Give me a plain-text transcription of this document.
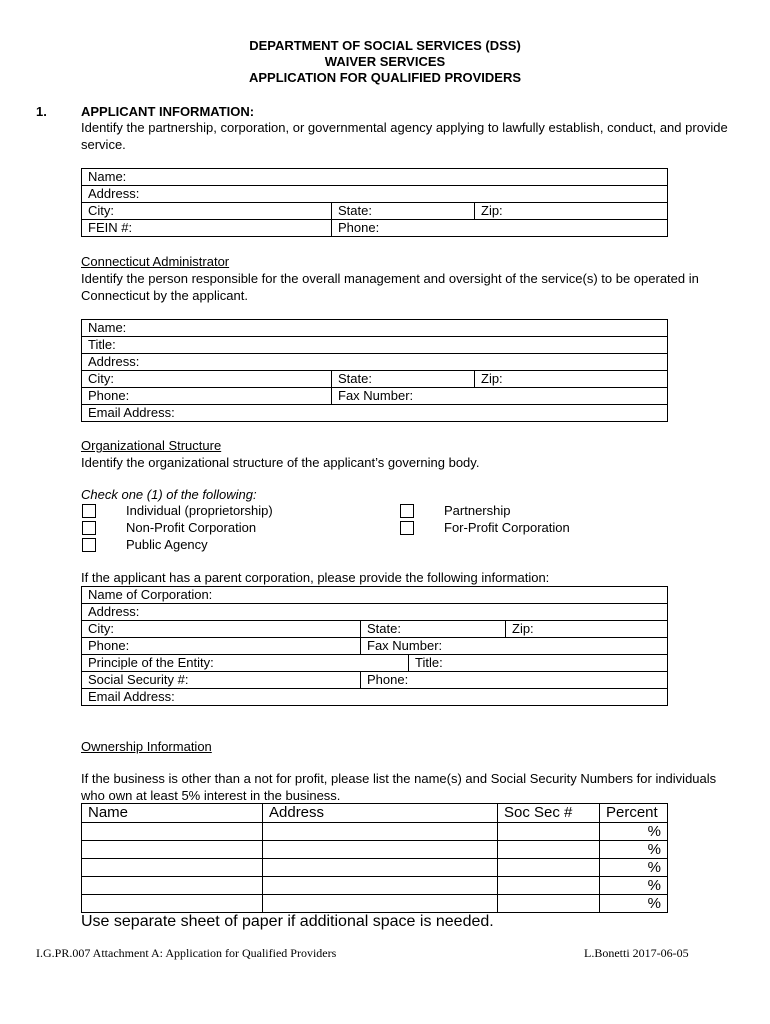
DEPARTMENT OF SOCIAL SERVICES (DSS)
WAIVER SERVICES
APPLICATION FOR QUALIFIED PROVIDERS
1.	APPLICANT INFORMATION:
Identify the partnership, corporation, or governmental agency applying to lawfully establish, conduct, and provide service.
Name:		
Address:		
City:	State:	Zip:
FEIN #:	Phone:	
Connecticut Administrator
Identify the person responsible for the overall management and oversight of the service(s) to be operated in Connecticut by the applicant.
Name:		
Title:		
Address:		
City:	State:	Zip:
Phone:	Fax Number:	
Email Address:		
Organizational Structure
Identify the organizational structure of the applicant’s governing body.
Check one (1) of the following:
Individual (proprietorship)
Non-Profit Corporation
Public Agency
Partnership
For-Profit Corporation
If the applicant has a parent corporation, please provide the following information:
Name of Corporation:			
Address:			
City:	State:		Zip:
Phone:	Fax Number:		
Principle of the Entity:		Title:	
Social Security #:	Phone:		
Email Address:			
Ownership Information
If the business is other than a not for profit, please list the name(s) and Social Security Numbers for individuals who own at least 5% interest in the business.
Name	Address	Soc Sec #	Percent
			%
			%
			%
			%
			%
Use separate sheet of paper if additional space is needed.
I.G.PR.007 Attachment A: Application for Qualified Providers	L.Bonetti 2017-06-05
